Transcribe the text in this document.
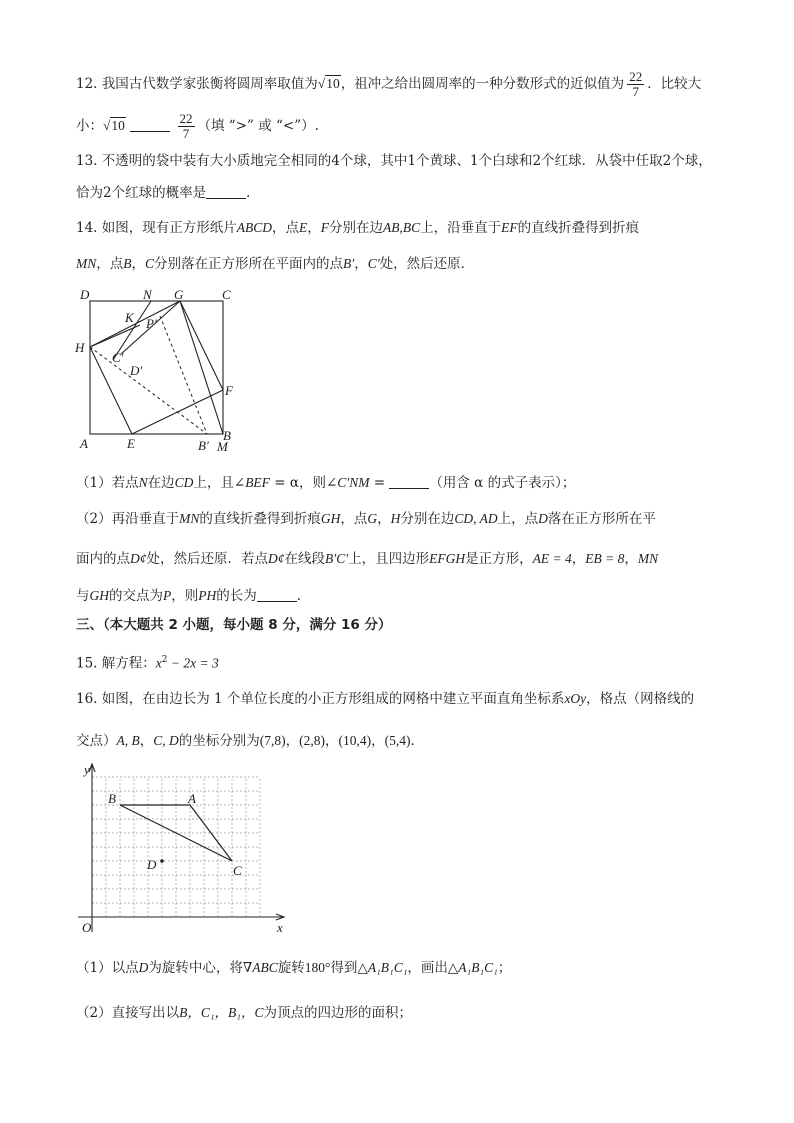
12. 我国古代数学家张衡将圆周率取值为√10，祖冲之给出圆周率的一种分数形式的近似值为 $\frac{22}{7}$ ．比较大
小：√10	$\frac{22}{7}$ （填 “>” 或 “<”）.
13. 不透明的袋中装有大小质地完全相同的4个球，其中1个黄球、1个白球和2个红球．从袋中任取2个球，
恰为2个红球的概率是	．
14. 如图，现有正方形纸片ABCD，点E，F分别在边AB,BC上，沿垂直于EF的直线折叠得到折痕
MN，点B，C分别落在正方形所在平面内的点B′，C′处，然后还原．
D	N G	C
K P′
H
C′
D′
F
A	E	B′
B
M
（1）若点N在边CD上，且∠BEF = α，则∠C′NM =	（用含 α 的式子表示）；
（2）再沿垂直于MN的直线折叠得到折痕GH，点G，H分别在边CD, AD上，点D落在正方形所在平
面内的点D¢处，然后还原．若点D¢在线段B′C′上，且四边形EFGH是正方形，AE = 4，EB = 8，MN
与GH的交点为P，则PH的长为	．
三、（本大题共 2 小题，每小题 8 分，满分 16 分）
15. 解方程：$x^2 - 2x = 3$
16. 如图，在由边长为 1 个单位长度的小正方形组成的网格中建立平面直角坐标系xOy，格点（网格线的
交点）A, B，C, D的坐标分别为(7,8)，(2,8)，(10,4)，(5,4)．
y
x
O
A
B
C
D
（1）以点D为旋转中心，将∇ABC旋转180°得到△A₁B₁C₁，画出△A₁B₁C₁；
（2）直接写出以B，C₁，B₁，C为顶点的四边形的面积；
